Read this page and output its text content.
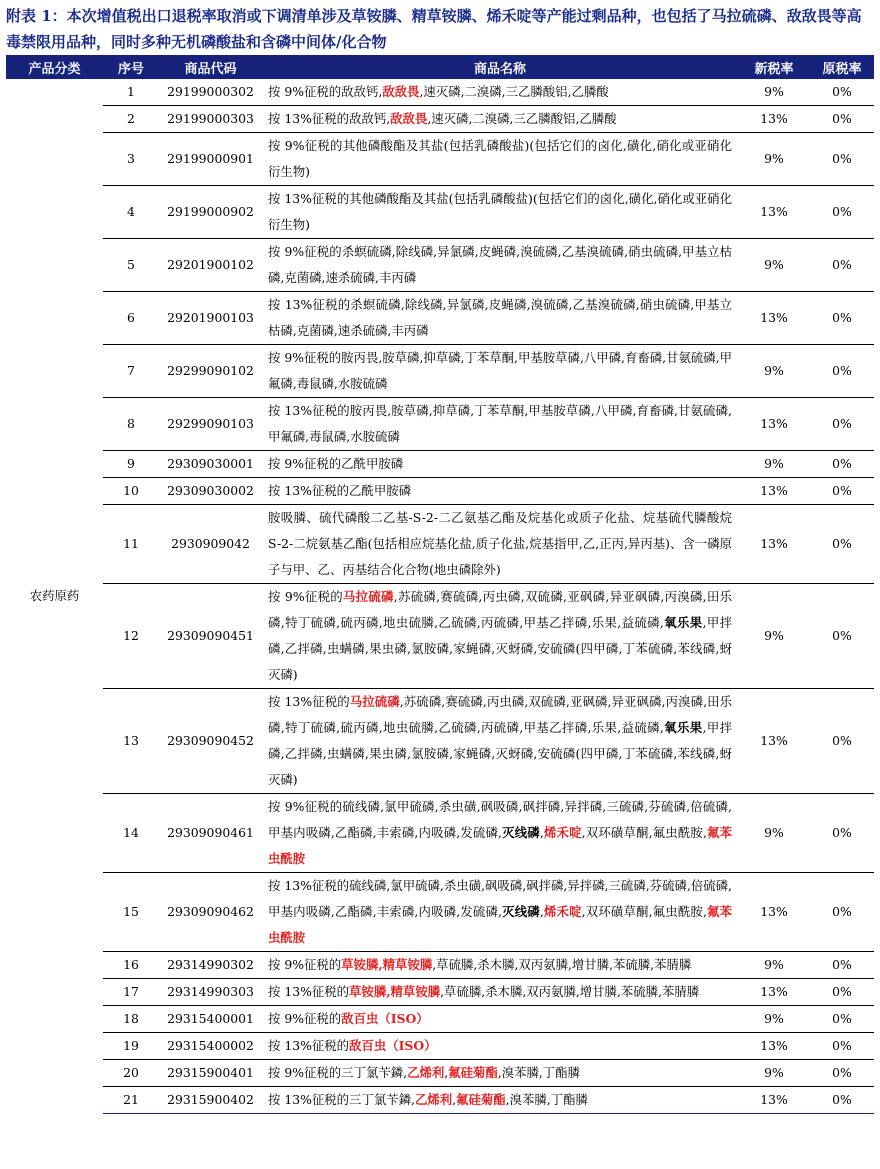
附表 1：本次增值税出口退税率取消或下调清单涉及草铵膦、精草铵膦、烯禾啶等产能过剩品种，也包括了马拉硫磷、敌敌畏等高毒禁限用品种，同时多种无机磷酸盐和含磷中间体/化合物
产品分类	序号	商品代码	商品名称	新税率	原税率
农药原药	1	29199000302	按 9%征税的敌敌钙,敌敌畏,速灭磷,二溴磷,三乙膦酸铝,乙膦酸	9%	0%
	2	29199000303	按 13%征税的敌敌钙,敌敌畏,速灭磷,二溴磷,三乙膦酸铝,乙膦酸	13%	0%
	3	29199000901	按 9%征税的其他磷酸酯及其盐(包括乳磷酸盐)(包括它们的卤化,磺化,硝化或亚硝化衍生物)	9%	0%
	4	29199000902	按 13%征税的其他磷酸酯及其盐(包括乳磷酸盐)(包括它们的卤化,磺化,硝化或亚硝化衍生物)	13%	0%
	5	29201900102	按 9%征税的杀螟硫磷,除线磷,异氯磷,皮蝇磷,溴硫磷,乙基溴硫磷,硝虫硫磷,甲基立枯磷,克菌磷,速杀硫磷,丰丙磷	9%	0%
	6	29201900103	按 13%征税的杀螟硫磷,除线磷,异氯磷,皮蝇磷,溴硫磷,乙基溴硫磷,硝虫硫磷,甲基立枯磷,克菌磷,速杀硫磷,丰丙磷	13%	0%
	7	29299090102	按 9%征税的胺丙畏,胺草磷,抑草磷,丁苯草酮,甲基胺草磷,八甲磷,育畜磷,甘氨硫磷,甲氟磷,毒鼠磷,水胺硫磷	9%	0%
	8	29299090103	按 13%征税的胺丙畏,胺草磷,抑草磷,丁苯草酮,甲基胺草磷,八甲磷,育畜磷,甘氨硫磷,甲氟磷,毒鼠磷,水胺硫磷	13%	0%
	9	29309030001	按 9%征税的乙酰甲胺磷	9%	0%
	10	29309030002	按 13%征税的乙酰甲胺磷	13%	0%
	11	2930909042	胺吸膦、硫代磷酸二乙基-S-2-二乙氨基乙酯及烷基化或质子化盐、烷基硫代膦酸烷 S-2-二烷氨基乙酯(包括相应烷基化盐,质子化盐,烷基指甲,乙,正丙,异丙基)、含一磷原子与甲、乙、丙基结合化合物(地虫磷除外)	13%	0%
	12	29309090451	按 9%征税的马拉硫磷,苏硫磷,赛硫磷,丙虫磷,双硫磷,亚砜磷,异亚砜磷,丙溴磷,田乐磷,特丁硫磷,硫丙磷,地虫硫膦,乙硫磷,丙硫磷,甲基乙拌磷,乐果,益硫磷,氧乐果,甲拌磷,乙拌磷,虫螨磷,果虫磷,氯胺磷,家蝇磷,灭蚜磷,安硫磷(四甲磷,丁苯硫磷,苯线磷,蚜灭磷)	9%	0%
	13	29309090452	按 13%征税的马拉硫磷,苏硫磷,赛硫磷,丙虫磷,双硫磷,亚砜磷,异亚砜磷,丙溴磷,田乐磷,特丁硫磷,硫丙磷,地虫硫膦,乙硫磷,丙硫磷,甲基乙拌磷,乐果,益硫磷,氧乐果,甲拌磷,乙拌磷,虫螨磷,果虫磷,氯胺磷,家蝇磷,灭蚜磷,安硫磷(四甲磷,丁苯硫磷,苯线磷,蚜灭磷)	13%	0%
	14	29309090461	按 9%征税的硫线磷,氯甲硫磷,杀虫磺,砜吸磷,砜拌磷,异拌磷,三硫磷,芬硫磷,倍硫磷,甲基内吸磷,乙酯磷,丰索磷,内吸磷,发硫磷,灭线磷,烯禾啶,双环磺草酮,氟虫酰胺,氟苯虫酰胺	9%	0%
	15	29309090462	按 13%征税的硫线磷,氯甲硫磷,杀虫磺,砜吸磷,砜拌磷,异拌磷,三硫磷,芬硫磷,倍硫磷,甲基内吸磷,乙酯磷,丰索磷,内吸磷,发硫磷,灭线磷,烯禾啶,双环磺草酮,氟虫酰胺,氟苯虫酰胺	13%	0%
	16	29314990302	按 9%征税的草铵膦,精草铵膦,草硫膦,杀木膦,双丙氨膦,增甘膦,苯硫膦,苯腈膦	9%	0%
	17	29314990303	按 13%征税的草铵膦,精草铵膦,草硫膦,杀木膦,双丙氨膦,增甘膦,苯硫膦,苯腈膦	13%	0%
	18	29315400001	按 9%征税的敌百虫（ISO）	9%	0%
	19	29315400002	按 13%征税的敌百虫（ISO）	13%	0%
	20	29315900401	按 9%征税的三丁氯苄鏻,乙烯利,氟硅菊酯,溴苯膦,丁酯膦	9%	0%
	21	29315900402	按 13%征税的三丁氯苄鏻,乙烯利,氟硅菊酯,溴苯膦,丁酯膦	13%	0%
